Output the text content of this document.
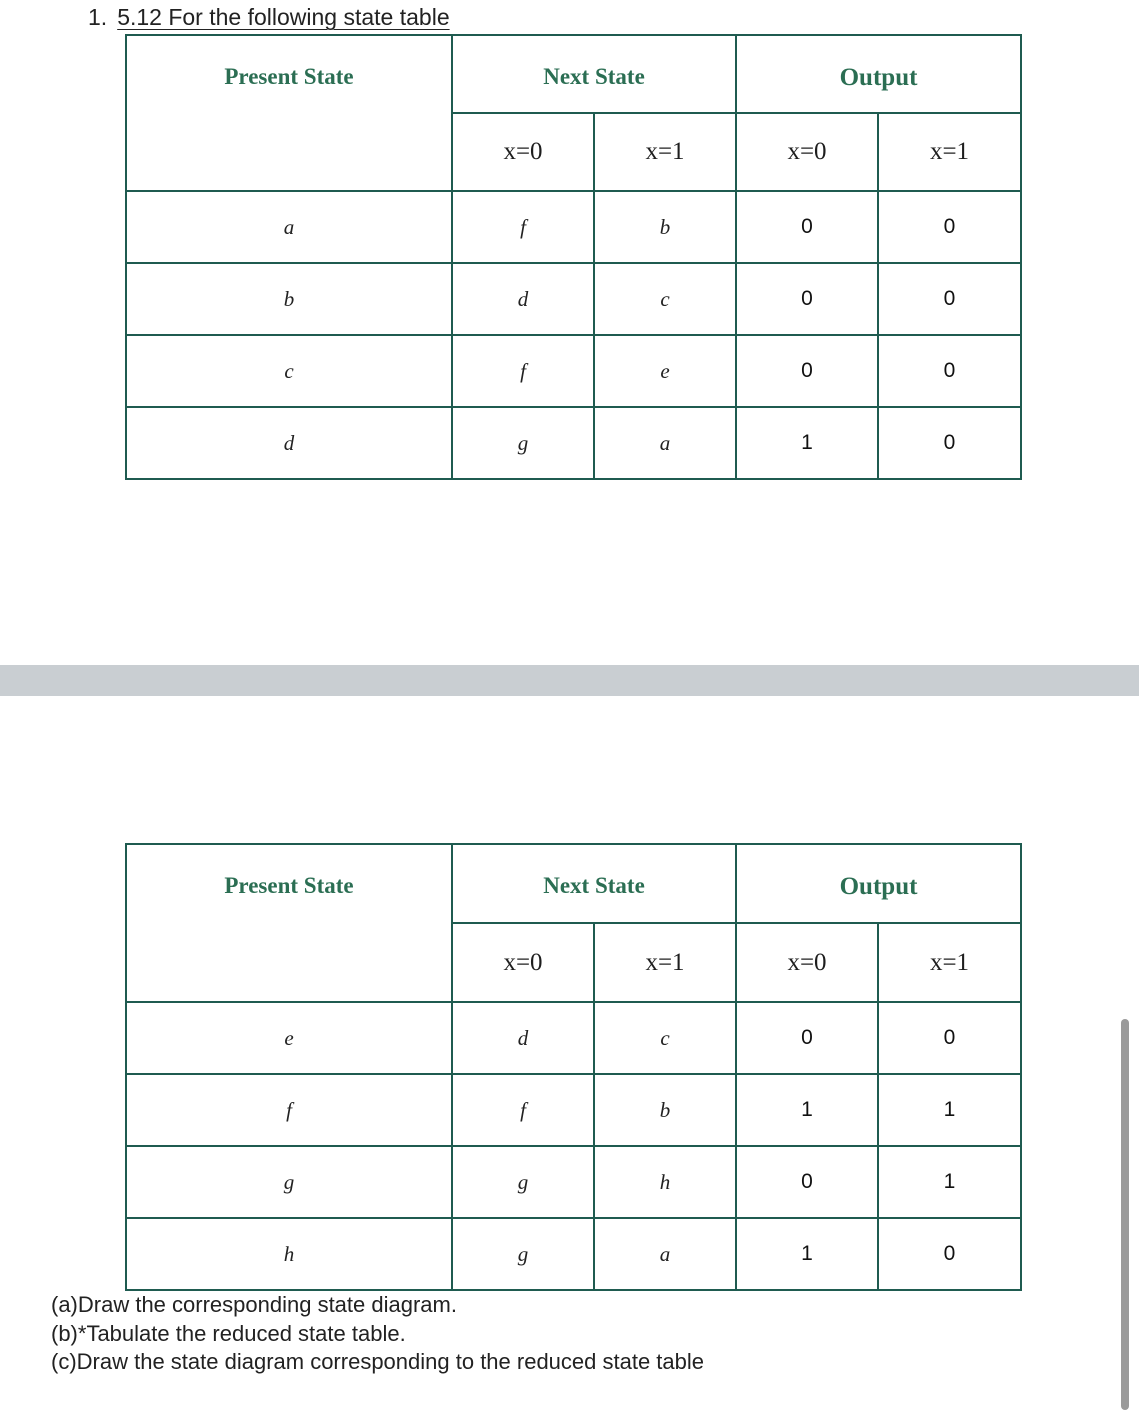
1. 5.12 For the following state table
Present State	Next State		Output	
	x=0	x=1	x=0	x=1
a	f	b	0	0
b	d	c	0	0
c	f	e	0	0
d	g	a	1	0
Present State	Next State		Output	
	x=0	x=1	x=0	x=1
e	d	c	0	0
f	f	b	1	1
g	g	h	0	1
h	g	a	1	0
(a)Draw the corresponding state diagram.
(b)*Tabulate the reduced state table.
(c)Draw the state diagram corresponding to the reduced state table
